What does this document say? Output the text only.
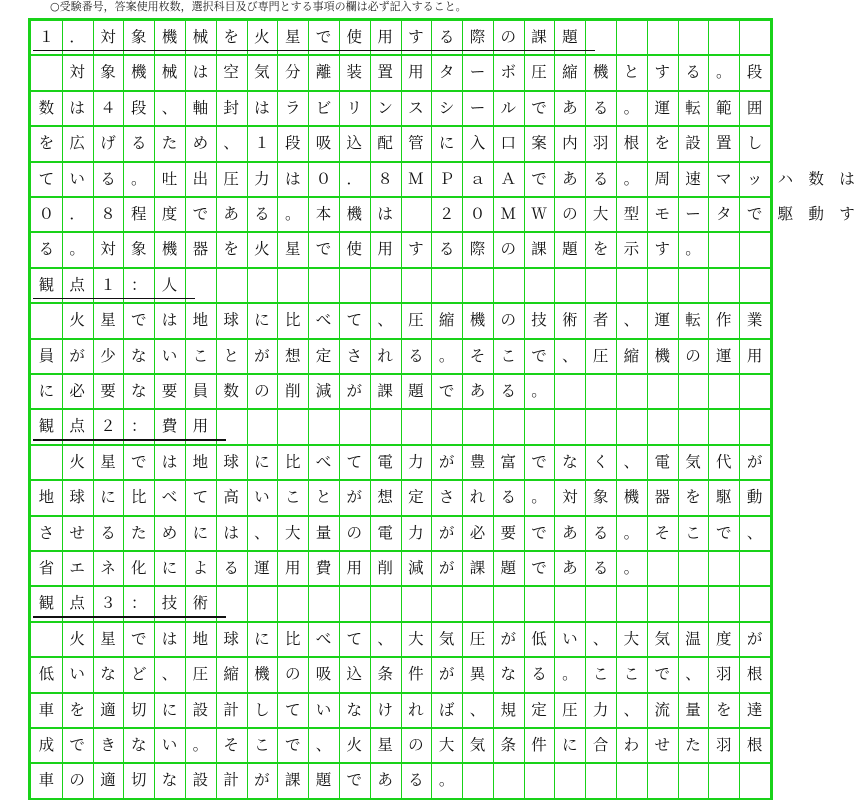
○受験番号，答案使用枚数，選択科目及び専門とする事項の欄は必ず記入すること。
１ ． 対 象 機 械 を 火 星 で 使 用 す る 際 の 課 題

対 象 機 械 は 空 気 分 離 装 置 用 タ ー ボ 圧 縮 機 と す る 。 段
数 は ４ 段 、 軸 封 は ラ ビ リ ン ス シ ー ル で あ る 。 運 転 範 囲
を 広 げ る た め 、 １ 段 吸 込 配 管 に 入 口 案 内 羽 根 を 設 置 し
て い る 。 吐 出 圧 力 は ０ ． ８ Ｍ Ｐ ａ Ａ で あ る 。 周 速 マ ッ ハ 数 は
０ ． ８ 程 度 で あ る 。 本 機 は
　	２ ０ Ｍ Ｗ の 大 型 モ ー タ で 駆 動 す
る 。 対 象 機 器 を 火 星 で 使 用 す る 際 の 課 題 を 示 す 。
観 点 １ ： 人

火 星 で は 地 球 に 比 べ て 、 圧 縮 機 の 技 術 者 、 運 転 作 業
員 が 少 な い こ と が 想 定 さ れ る 。 そ こ で 、 圧 縮 機 の 運 用
に 必 要 な 要 員 数 の 削 減 が 課 題 で あ る 。
観 点 ２ ： 費 用

火 星 で は 地 球 に 比 べ て 電 力 が 豊 富 で な く 、 電 気 代 が
地 球 に 比 べ て 高 い こ と が 想 定 さ れ る 。 対 象 機 器 を 駆 動
さ せ る た め に は 、 大 量 の 電 力 が 必 要 で あ る 。 そ こ で 、
省 エ ネ 化 に よ る 運 用 費 用 削 減 が 課 題 で あ る 。
観 点 ３ ： 技 術

火 星 で は 地 球 に 比 べ て 、 大 気 圧 が 低 い 、 大 気 温 度 が
低 い な ど 、 圧 縮 機 の 吸 込 条 件 が 異 な る 。 こ こ で 、 羽 根
車 を 適 切 に 設 計 し て い な け れ ば 、 規 定 圧 力 、 流 量 を 達
成 で き な い 。 そ こ で 、 火 星 の 大 気 条 件 に 合 わ せ た 羽 根
車 の 適 切 な 設 計 が 課 題 で あ る 。
